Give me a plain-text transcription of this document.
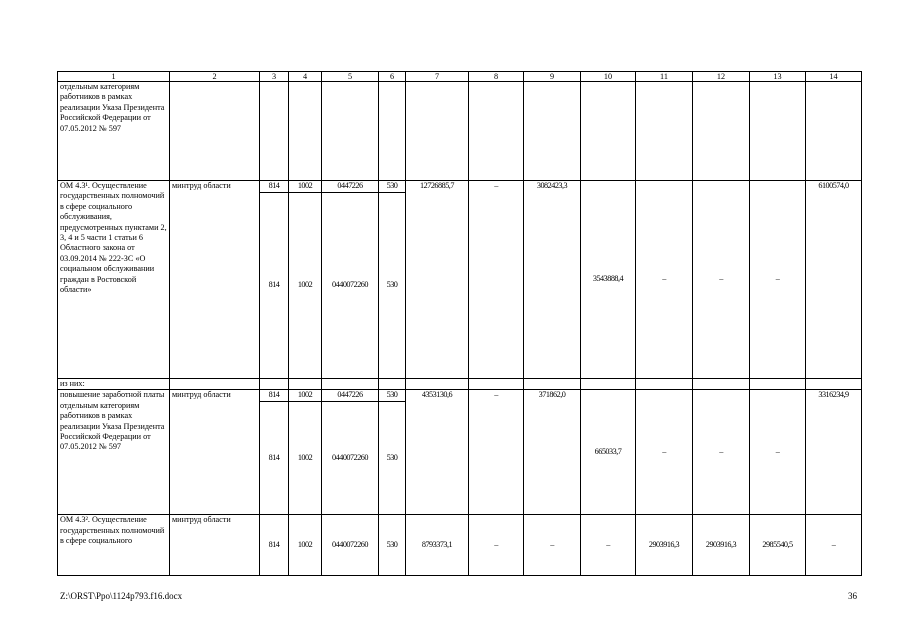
1	2	3	4	5	6	7	8	9	10	11	12	13	14
отдельным категориям работников в рамках реализации Указа Президента Российской Федерации от 07.05.2012 № 597													
ОМ 4.3¹. Осуществление государственных полномочий в сфере социального обслуживания, предусмотренных пунктами 2, 3, 4 и 5 части 1 статьи 6 Областного закона от 03.09.2014 № 222-ЗС «О социальном обслуживании граждан в Ростовской области»	минтруд области	814	1002	0447226	530	12726885,7	–	3082423,3	3543888,4	–	–	–	6100574,0
		814	1002	0440072260	530								
из них:													
повышение заработной платы отдельным категориям работников в рамках реализации Указа Президента Российской Федерации от 07.05.2012 № 597	минтруд области	814	1002	0447226	530	4353130,6	–	371862,0	665033,7	–	–	–	3316234,9
		814	1002	0440072260	530								
ОМ 4.3². Осуществление государственных полномочий в сфере социального	минтруд области	814	1002	0440072260	530	8793373,1	–	–	–	2903916,3	2903916,3	2985540,5	–
Z:\ORST\Ppo\1124p793.f16.docx	36
